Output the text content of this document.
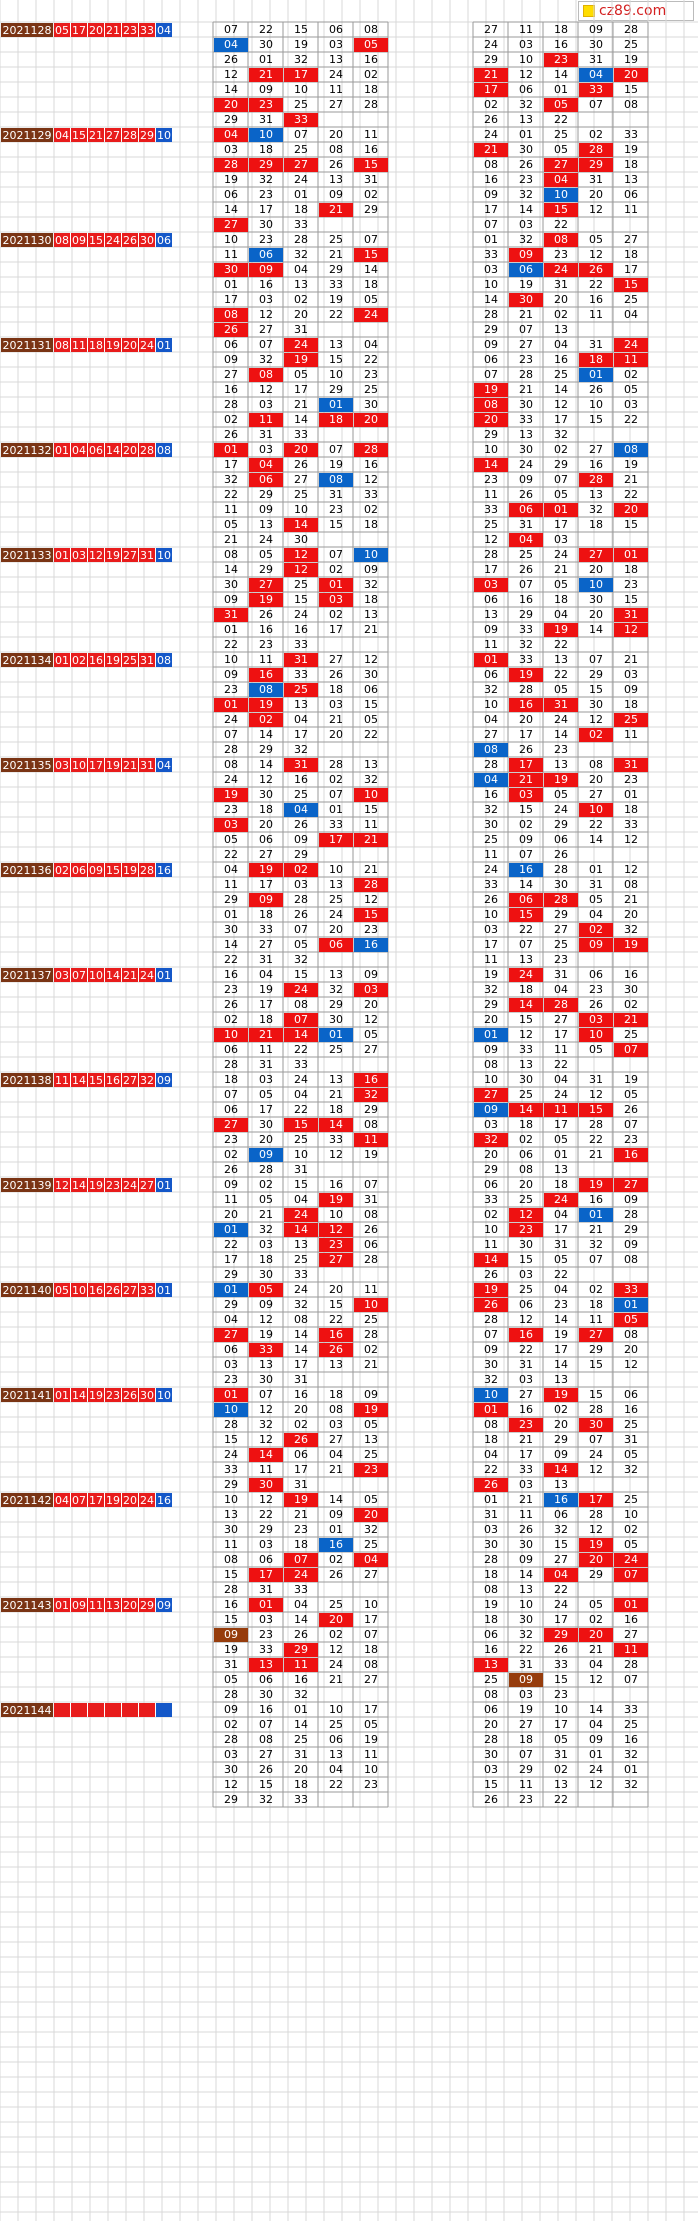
cz89.com
2021128 05 17 20 21 23 33 04	07	22	15	06	08
04	30	19	03	05
26	01	32	13	16
12	21	17	24	02
14	09	10	11	18
20	23	25	27	28
29	31	33
27	11	18	09	28
24	03	16	30	25
29	10	23	31	19
21	12	14	04	20
17	06	01	33	15
02	32	05	07	08
26	13	22
2021129 04 15 21 27 28 29 10	04	10	07	20	11
03	18	25	08	16
28	29	27	26	15
19	32	24	13	31
06	23	01	09	02
14	17	18	21	29
27	30	33
24	01	25	02	33
21	30	05	28	19
08	26	27	29	18
16	23	04	31	13
09	32	10	20	06
17	14	15	12	11
07	03	22
2021130 08 09 15 24 26 30 06	10	23	28	25	07
11	06	32	21	15
30	09	04	29	14
01	16	13	33	18
17	03	02	19	05
08	12	20	22	24
26	27	31
01	32	08	05	27
33	09	23	12	18
03	06	24	26	17
10	19	31	22	15
14	30	20	16	25
28	21	02	11	04
29	07	13
2021131 08 11 18 19 20 24 01	06	07	24	13	04
09	32	19	15	22
27	08	05	10	23
16	12	17	29	25
28	03	21	01	30
02	11	14	18	20
26	31	33
09	27	04	31	24
06	23	16	18	11
07	28	25	01	02
19	21	14	26	05
08	30	12	10	03
20	33	17	15	22
29	13	32
2021132 01 04 06 14 20 28 08	01	03	20	07	28
17	04	26	19	16
32	06	27	08	12
22	29	25	31	33
11	09	10	23	02
05	13	14	15	18
21	24	30
10	30	02	27	08
14	24	29	16	19
23	09	07	28	21
11	26	05	13	22
33	06	01	32	20
25	31	17	18	15
12	04	03
2021133 01 03 12 19 27 31 10	08	05	12	07	10
14	29	12	02	09
30	27	25	01	32
09	19	15	03	18
31	26	24	02	13
01	16	16	17	21
22	23	33
28	25	24	27	01
17	26	21	20	18
03	07	05	10	23
06	16	18	30	15
13	29	04	20	31
09	33	19	14	12
11	32	22
2021134 01 02 16 19 25 31 08	10	11	31	27	12
09	16	33	26	30
23	08	25	18	06
01	19	13	03	15
24	02	04	21	05
07	14	17	20	22
28	29	32
01	33	13	07	21
06	19	22	29	03
32	28	05	15	09
10	16	31	30	18
04	20	24	12	25
27	17	14	02	11
08	26	23
2021135 03 10 17 19 21 31 04	08	14	31	28	13
24	12	16	02	32
19	30	25	07	10
23	18	04	01	15
03	20	26	33	11
05	06	09	17	21
22	27	29
28	17	13	08	31
04	21	19	20	23
16	03	05	27	01
32	15	24	10	18
30	02	29	22	33
25	09	06	14	12
11	07	26
2021136 02 06 09 15 19 28 16	04	19	02	10	21
11	17	03	13	28
29	09	28	25	12
01	18	26	24	15
30	33	07	20	23
14	27	05	06	16
22	31	32
24	16	28	01	12
33	14	30	31	08
26	06	28	05	21
10	15	29	04	20
03	22	27	02	32
17	07	25	09	19
11	13	23
2021137 03 07 10 14 21 24 01	16	04	15	13	09
23	19	24	32	03
26	17	08	29	20
02	18	07	30	12
10	21	14	01	05
06	11	22	25	27
28	31	33
19	24	31	06	16
32	18	04	23	30
29	14	28	26	02
20	15	27	03	21
01	12	17	10	25
09	33	11	05	07
08	13	22
2021138 11 14 15 16 27 32 09	18	03	24	13	16
07	05	04	21	32
06	17	22	18	29
27	30	15	14	08
23	20	25	33	11
02	09	10	12	19
26	28	31
10	30	04	31	19
27	25	24	12	05
09	14	11	15	26
03	18	17	28	07
32	02	05	22	23
20	06	01	21	16
29	08	13
2021139 12 14 19 23 24 27 01	09	02	15	16	07
11	05	04	19	31
20	21	24	10	08
01	32	14	12	26
22	03	13	23	06
17	18	25	27	28
29	30	33
06	20	18	19	27
33	25	24	16	09
02	12	04	01	28
10	23	17	21	29
11	30	31	32	09
14	15	05	07	08
26	03	22
2021140 05 10 16 26 27 33 01	01	05	24	20	11
29	09	32	15	10
04	12	08	22	25
27	19	14	16	28
06	33	14	26	02
03	13	17	13	21
23	30	31
19	25	04	02	33
26	06	23	18	01
28	12	14	11	05
07	16	19	27	08
09	22	17	29	20
30	31	14	15	12
32	03	13
2021141 01 14 19 23 26 30 10	01	07	16	18	09
10	12	20	08	19
28	32	02	03	05
15	12	26	27	13
24	14	06	04	25
33	11	17	21	23
29	30	31
10	27	19	15	06
01	16	02	28	16
08	23	20	30	25
18	21	29	07	31
04	17	09	24	05
22	33	14	12	32
26	03	13
2021142 04 07 17 19 20 24 16	10	12	19	14	05
13	22	21	09	20
30	29	23	01	32
11	03	18	16	25
08	06	07	02	04
15	17	24	26	27
28	31	33
01	21	16	17	25
31	11	06	28	10
03	26	32	12	02
30	30	15	19	05
28	09	27	20	24
18	14	04	29	07
08	13	22
2021143 01 09 11 13 20 29 09	16	01	04	25	10
15	03	14	20	17
09	23	26	02	07
19	33	29	12	18
31	13	11	24	08
05	06	16	21	27
28	30	32
19	10	24	05	01
18	30	17	02	16
06	32	29	20	27
16	22	26	21	11
13	31	33	04	28
25	09	15	12	07
08	03	23
2021144	09	16	01	10	17
02	07	14	25	05
28	08	25	06	19
03	27	31	13	11
30	26	20	04	10
12	15	18	22	23
29	32	33
06	19	10	14	33
20	27	17	04	25
28	18	05	09	16
30	07	31	01	32
03	29	02	24	01
15	11	13	12	32
26	23	22
